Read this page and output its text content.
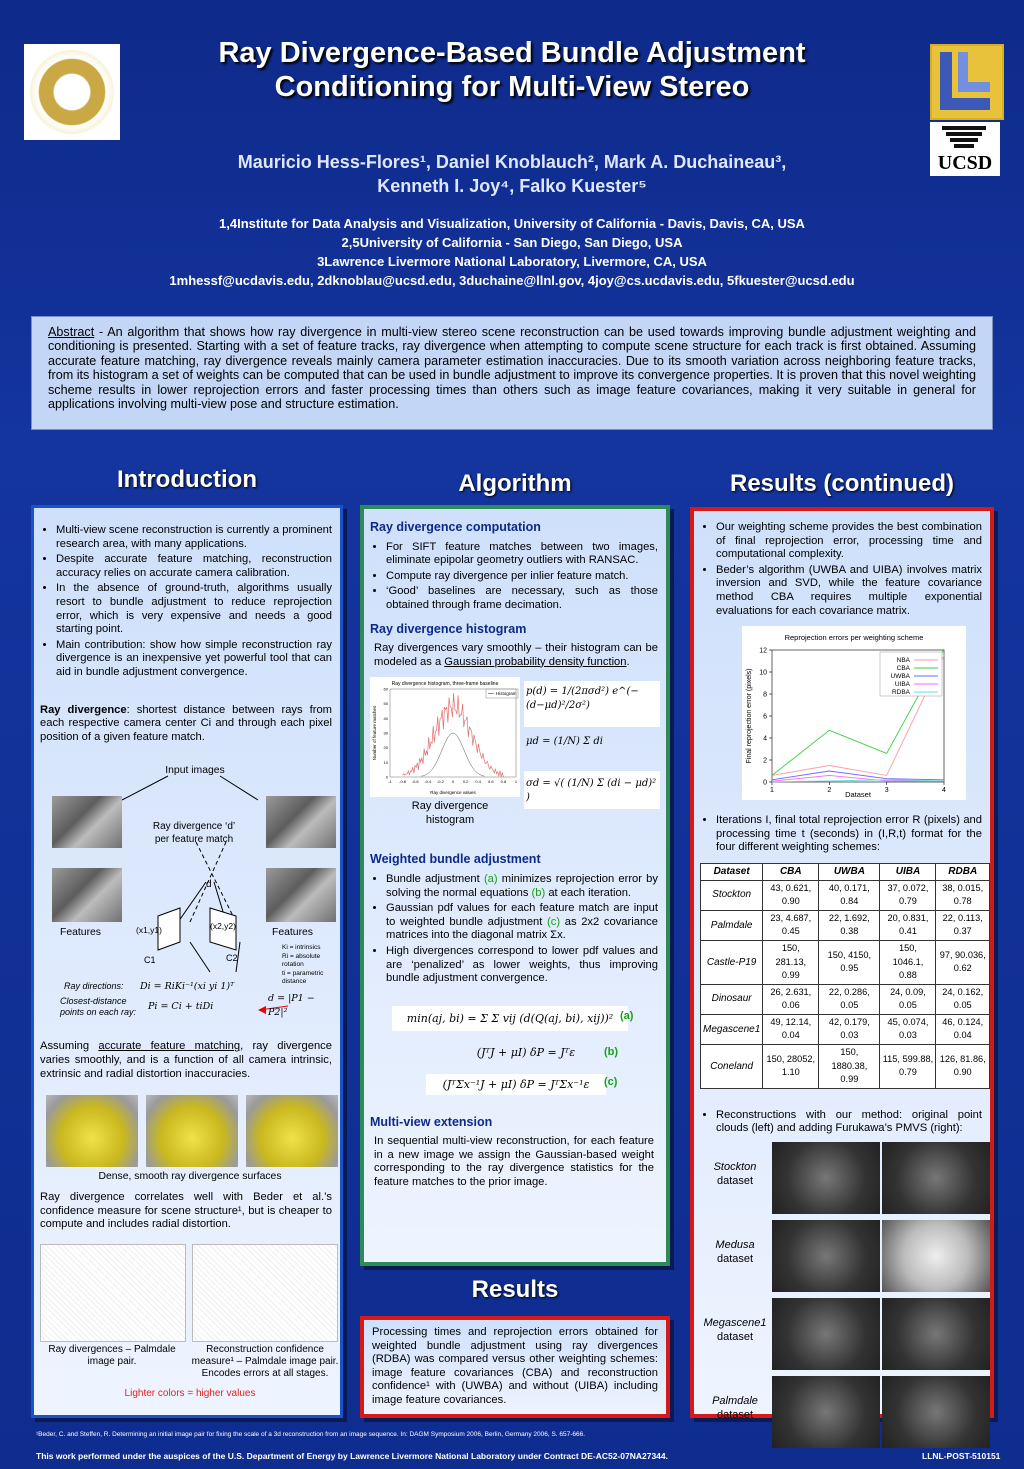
UCSD
Ray Divergence-Based Bundle Adjustment
Conditioning for Multi-View Stereo
Mauricio Hess-Flores¹, Daniel Knoblauch², Mark A. Duchaineau³,
Kenneth I. Joy⁴, Falko Kuester⁵
1,4Institute for Data Analysis and Visualization, University of California - Davis, Davis, CA, USA
2,5University of California - San Diego, San Diego, USA
3Lawrence Livermore National Laboratory, Livermore, CA, USA
1mhessf@ucdavis.edu, 2dknoblau@ucsd.edu, 3duchaine@llnl.gov, 4joy@cs.ucdavis.edu, 5fkuester@ucsd.edu
Abstract - An algorithm that shows how ray divergence in multi-view stereo scene reconstruction can be used towards improving bundle adjustment weighting and conditioning is presented. Starting with a set of feature tracks, ray divergence when attempting to compute scene structure for each track is first obtained. Assuming accurate feature matching, ray divergence reveals mainly camera parameter estimation inaccuracies. Due to its smooth variation across neighboring feature tracks, from its histogram a set of weights can be computed that can be used in bundle adjustment to improve its convergence properties. It is proven that this novel weighting scheme results in lower reprojection errors and faster processing times than others such as image feature covariances, making it very suitable in general for applications involving multi-view pose and structure estimation.
Introduction	Algorithm	Results (continued)
Results
• Multi-view scene reconstruction is currently a prominent research area, with many applications.
• Despite accurate feature matching, reconstruction accuracy relies on accurate camera calibration.
• In the absence of ground-truth, algorithms usually resort to bundle adjustment to reduce reprojection error, which is very expensive and needs a good starting point.
• Main contribution: show how simple reconstruction ray divergence is an inexpensive yet powerful tool that can aid in bundle adjustment convergence.
Ray divergence: shortest distance between rays from each respective camera center Ci and through each pixel position of a given feature match.
Input images
Ray divergence ‘d’
per feature match
d
Features	Features
(x1,y1)	(x2,y2)
C1	C2
Ki = intrinsics
Ri = absolute rotation
ti = parametric distance
Ray directions: Di = RiKi⁻¹(xi yi 1)ᵀ
Closest-distance
points on each ray: Pi = Ci + tiDi
d = |P1 − P2|²
Assuming accurate feature matching, ray divergence varies smoothly, and is a function of all camera intrinsic, extrinsic and radial distortion inaccuracies.
Dense, smooth ray divergence surfaces
Ray divergence correlates well with Beder et al.’s confidence measure for scene structure¹, but is cheaper to compute and includes radial distortion.
Ray divergences – Palmdale
image pair.
Reconstruction confidence
measure¹ – Palmdale image pair.
Encodes errors at all stages.
Lighter colors = higher values
Ray divergence computation
• For SIFT feature matches between two images, eliminate epipolar geometry outliers with RANSAC.
• Compute ray divergence per inlier feature match.
• ‘Good’ baselines are necessary, such as those obtained through frame decimation.
Ray divergence histogram
Ray divergences vary smoothly – their histogram can be modeled as a Gaussian probability density function.
Ray divergence histogram, three-frame baseline
Histogram
0
10
20
30
40
50
60
-1 -0.8 -0.6 -0.4 -0.2 0 0.2 0.4 0.6 0.8 1
Ray divergence values
Number of feature matches
Ray divergence
histogram
p(d) = 1/(2πσd²) e^(−(d−μd)²/2σ²)
μd = (1/N) Σ di
σd = √( (1/N) Σ (di − μd)² )
Weighted bundle adjustment
• Bundle adjustment (a) minimizes reprojection error by solving the normal equations (b) at each iteration.
• Gaussian pdf values for each feature match are input to weighted bundle adjustment (c) as 2x2 covariance matrices into the diagonal matrix Σx.
• High divergences correspond to lower pdf values and are ‘penalized’ as lower weights, thus improving bundle adjustment convergence.
min(aj, bi) = Σ Σ vij (d(Q(aj, bi), xij))² (a)
(JᵀJ + μI) δP = Jᵀε	(b)
(JᵀΣx⁻¹J + μI) δP = JᵀΣx⁻¹ε	(c)
Multi-view extension
In sequential multi-view reconstruction, for each feature in a new image we assign the Gaussian-based weight corresponding to the ray divergence statistics for the feature matches to the prior image.
Processing times and reprojection errors obtained for weighted bundle adjustment using ray divergences (RDBA) was compared versus other weighting schemes: image feature covariances (CBA) and reconstruction confidence¹ with (UWBA) and without (UIBA) including image feature covariances.
• Our weighting scheme provides the best combination of final reprojection error, processing time and computational complexity.
• Beder’s algorithm (UWBA and UIBA) involves matrix inversion and SVD, while the feature covariance method CBA requires multiple exponential evaluations for each covariance matrix.
Reprojection errors per weighting scheme
0
2
4
6
8
10
12
1	2	3	4
NBA
CBA
UWBA
UIBA
RDBA
Dataset
Final reprojection error (pixels)
• Iterations I, final total reprojection error R (pixels) and processing time t (seconds) in (I,R,t) format for the four different weighting schemes:
Dataset	CBA	UWBA	UIBA	RDBA
Stockton	43, 0.621, 0.90	40, 0.171, 0.84	37, 0.072, 0.79	38, 0.015, 0.78
Palmdale	23, 4.687, 0.45	22, 1.692, 0.38	20, 0.831, 0.41	22, 0.113, 0.37
Castle-P19	150, 281.13, 0.99	150, 4150, 0.95	150, 1046.1, 0.88	97, 90.036, 0.62
Dinosaur	26, 2.631, 0.06	22, 0.286, 0.05	24, 0.09, 0.05	24, 0.162, 0.05
Megascene1	49, 12.14, 0.04	42, 0.179, 0.03	45, 0.074, 0.03	46, 0.124, 0.04
Coneland	150, 28052, 1.10	150, 1880.38, 0.99	115, 599.88, 0.79	126, 81.86, 0.90
• Reconstructions with our method: original point clouds (left) and adding Furukawa’s PMVS (right):
Stockton
dataset
Medusa
dataset
Megascene1
dataset
Palmdale
dataset
¹Beder, C. and Steffen, R. Determining an initial image pair for fixing the scale of a 3d reconstruction from an image sequence. In: DAGM Symposium 2006, Berlin, Germany 2006, S. 657-666.
This work performed under the auspices of the U.S. Department of Energy by Lawrence Livermore National Laboratory under Contract DE-AC52-07NA27344.	LLNL-POST-510151
